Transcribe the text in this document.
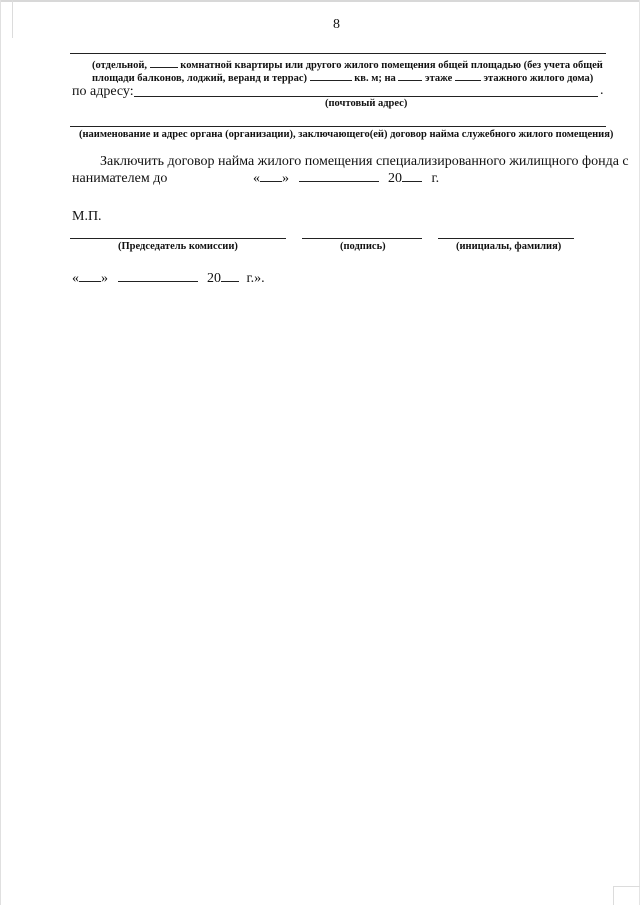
8
(отдельной,	комнатной квартиры или другого жилого помещения общей площадью (без учета общей
площади балконов, лоджий, веранд и террас)	кв. м; на	этаже	этажного жилого дома)
по адресу:	.
(почтовый адрес)
(наименование и адрес органа (организации), заключающего(ей) договор найма служебного жилого помещения)
Заключить договор найма жилого помещения специализированного жилищного фонда с
нанимателем до	« »	20 г.
М.П.
(Председатель комиссии)	(подпись)	(инициалы, фамилия)
« »	20 г.».
